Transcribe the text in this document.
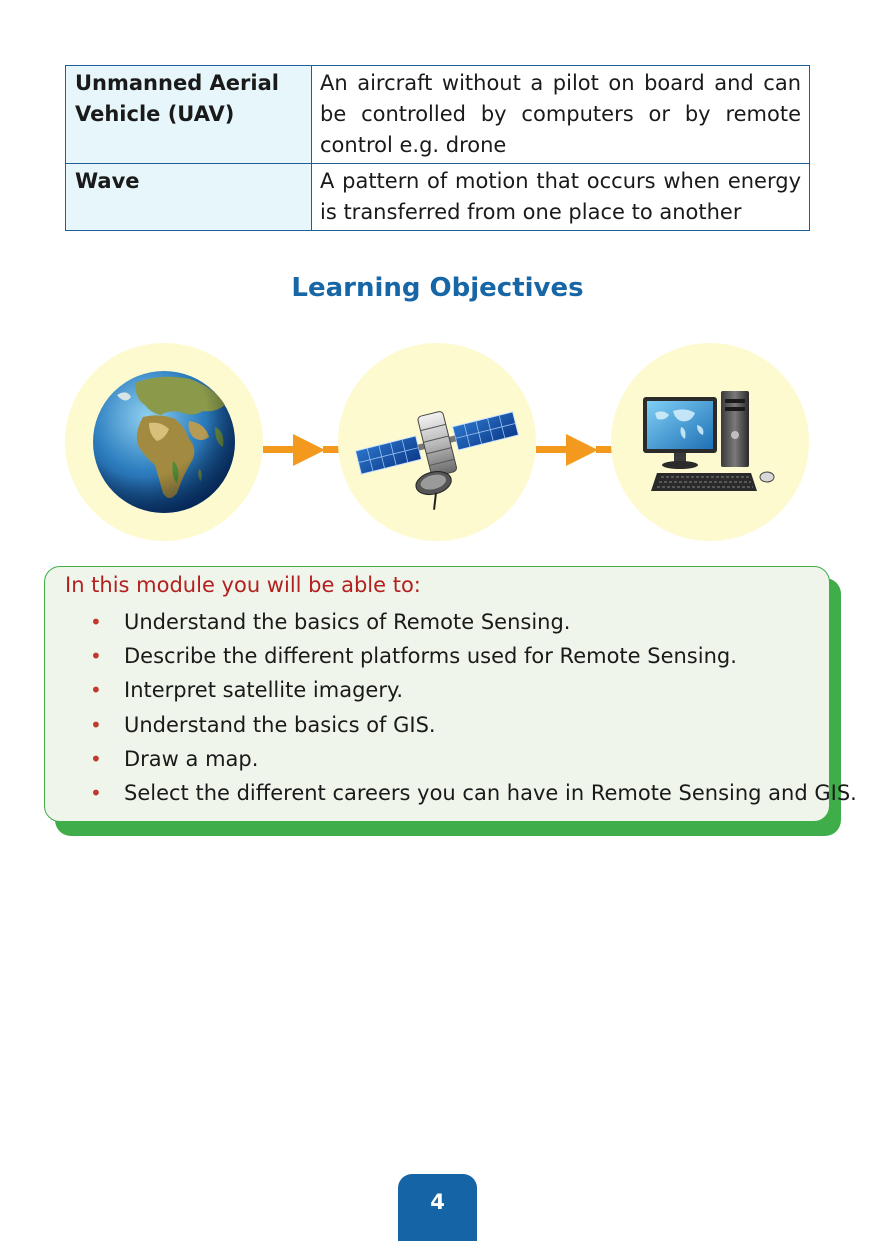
Unmanned Aerial Vehicle (UAV)	An aircraft without a pilot on board and can be controlled by computers or by remote control e.g. drone
Wave	A pattern of motion that occurs when energy is transferred from one place to another
Learning Objectives

In this module you will be able to:

• Understand the basics of Remote Sensing.
• Describe the different platforms used for Remote Sensing.
• Interpret satellite imagery.
• Understand the basics of GIS.
• Draw a map.
• Select the different careers you can have in Remote Sensing and GIS.
4
